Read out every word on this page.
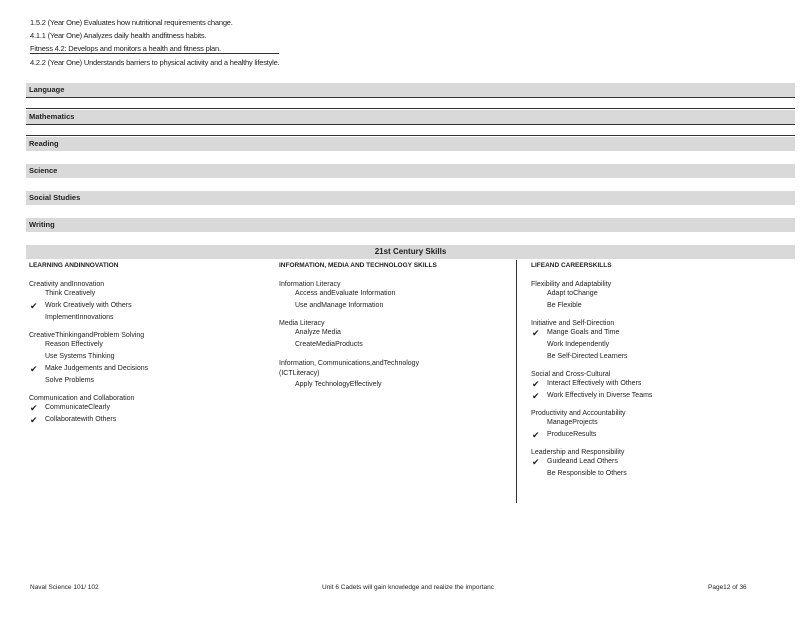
1.5.2 (Year One) Evaluates how nutritional requirements change.
4.1.1 (Year One) Analyzes daily health andfitness habits.
Fitness 4.2: Develops and monitors a health and fitness plan.
4.2.2 (Year One) Understands barriers to physical activity and a healthy lifestyle.
Language
Mathematics
Reading
Science
Social Studies
Writing
21st Century Skills
LEARNING ANDINNOVATION
Creativity andInnovation
Think Creatively
✔ Work Creatively with Others
ImplementInnovations
CreativeThinkingandProblem Solving
Reason Effectively
Use Systems Thinking
✔ Make Judgements and Decisions
Solve Problems
Communication and Collaboration
✔ CommunicateClearly
✔ Collaboratewith Others
INFORMATION, MEDIA AND TECHNOLOGY SKILLS
Information Literacy
Access andEvaluate Information
Use andManage Information
Media Literacy
Analyze Media
CreateMediaProducts
Information, Communications,andTechnology (ICTLiteracy)
Apply TechnologyEffectively
LIFEAND CAREERSKILLS
Flexibility and Adaptability
Adapt toChange
Be Flexible
Initiative and Self-Direction
✔ Mange Goals and Time
Work Independently
Be Self-Directed Learners
Social and Cross-Cultural
✔ Interact Effectively with Others
✔ Work Effectively in Diverse Teams
Productivity and Accountability
ManageProjects
✔ ProduceResults
Leadership and Responsibility
✔ Guideand Lead Others
Be Responsible to Others
Naval Science 101/ 102	Unit 6 Cadets will gain knowledge and realize the importanc	Page12 of 36
